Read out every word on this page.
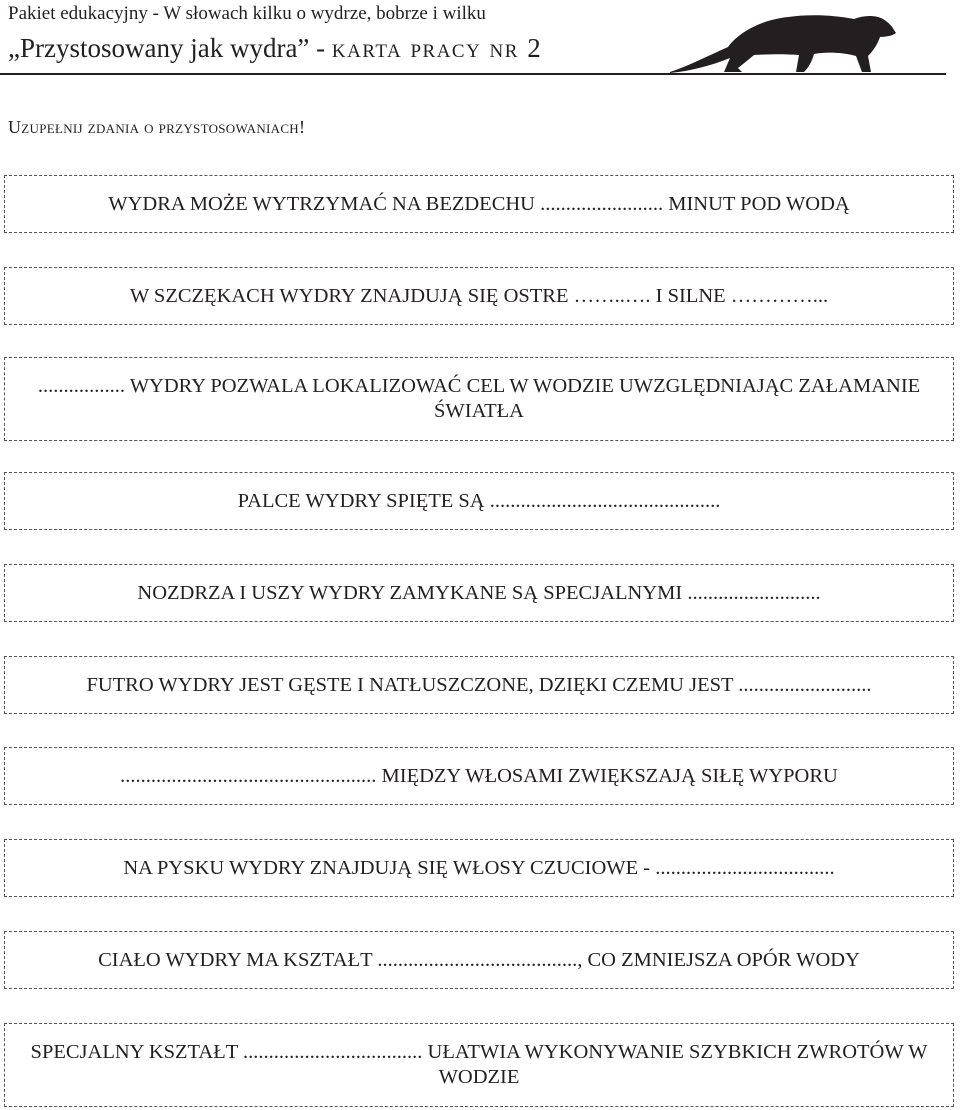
Pakiet edukacyjny - W słowach kilku o wydrze, bobrze i wilku
„Przystosowany jak wydra” - karta pracy nr 2
Uzupełnij zdania o przystosowaniach!
WYDRA MOŻE WYTRZYMAĆ NA BEZDECHU ........................ MINUT POD WODĄ
W SZCZĘKACH WYDRY ZNAJDUJĄ SIĘ OSTRE ……..…. I SILNE …………...
................. WYDRY POZWALA LOKALIZOWAĆ CEL W WODZIE UWZGLĘDNIAJĄC ZAŁAMANIE ŚWIATŁA
PALCE WYDRY SPIĘTE SĄ .............................................
NOZDRZA I USZY WYDRY ZAMYKANE SĄ SPECJALNYMI ..........................
FUTRO WYDRY JEST GĘSTE I NATŁUSZCZONE, DZIĘKI CZEMU JEST ..........................
.................................................. MIĘDZY WŁOSAMI ZWIĘKSZAJĄ SIŁĘ WYPORU
NA PYSKU WYDRY ZNAJDUJĄ SIĘ WŁOSY CZUCIOWE - ...................................
CIAŁO WYDRY MA KSZTAŁT ......................................., CO ZMNIEJSZA OPÓR WODY
SPECJALNY KSZTAŁT ................................... UŁATWIA WYKONYWANIE SZYBKICH ZWROTÓW W WODZIE
